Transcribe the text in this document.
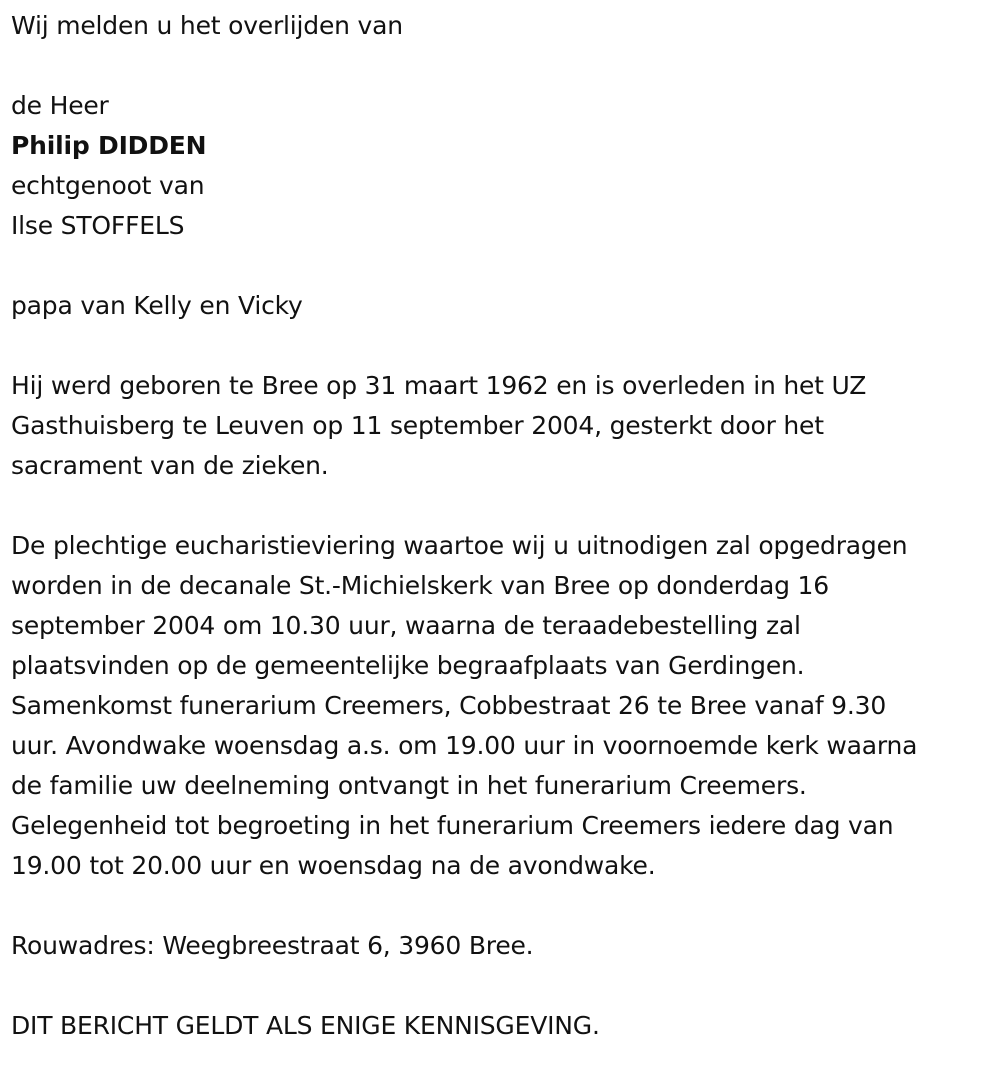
Wij melden u het overlijden van

de Heer

Philip DIDDEN

echtgenoot van

Ilse STOFFELS

papa van Kelly en Vicky

Hij werd geboren te Bree op 31 maart 1962 en is overleden in het UZ

Gasthuisberg te Leuven op 11 september 2004, gesterkt door het

sacrament van de zieken.

De plechtige eucharistieviering waartoe wij u uitnodigen zal opgedragen

worden in de decanale St.-Michielskerk van Bree op donderdag 16

september 2004 om 10.30 uur, waarna de teraadebestelling zal

plaatsvinden op de gemeentelijke begraafplaats van Gerdingen.

Samenkomst funerarium Creemers, Cobbestraat 26 te Bree vanaf 9.30

uur. Avondwake woensdag a.s. om 19.00 uur in voornoemde kerk waarna

de familie uw deelneming ontvangt in het funerarium Creemers.

Gelegenheid tot begroeting in het funerarium Creemers iedere dag van

19.00 tot 20.00 uur en woensdag na de avondwake.

Rouwadres: Weegbreestraat 6, 3960 Bree.

DIT BERICHT GELDT ALS ENIGE KENNISGEVING.
